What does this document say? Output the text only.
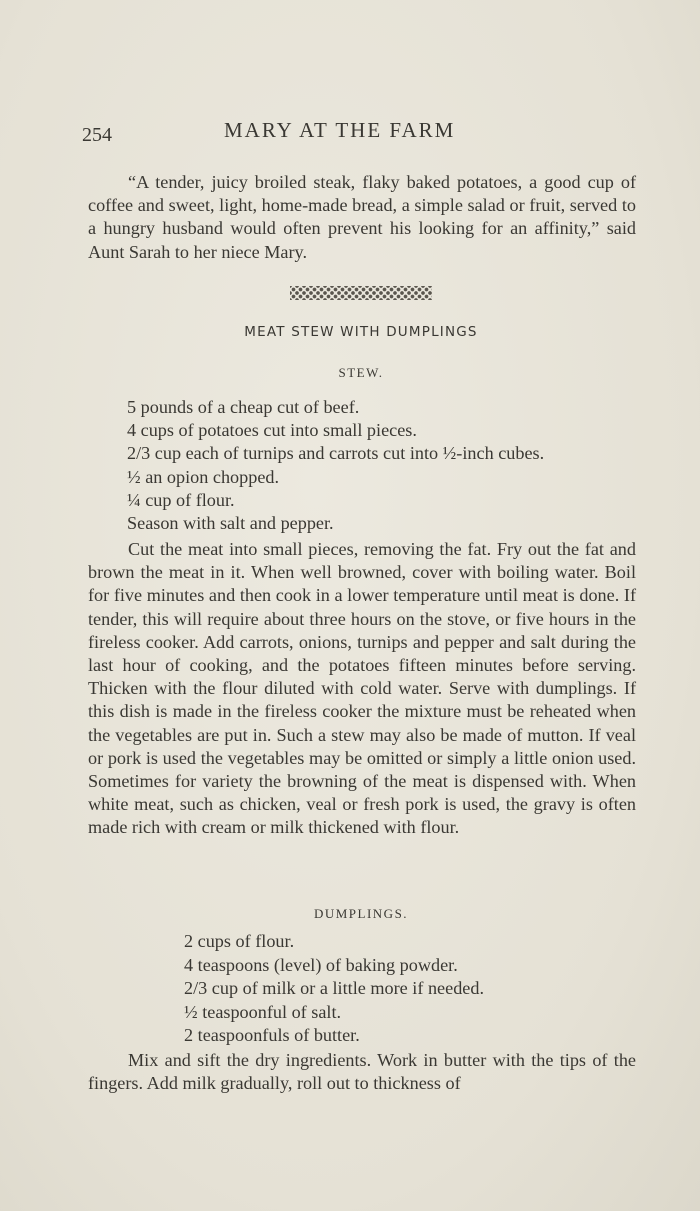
254	MARY AT THE FARM

“A tender, juicy broiled steak, flaky baked potatoes, a good cup of coffee and sweet, light, home-made bread, a simple salad or fruit, served to a hungry husband would often prevent his looking for an affinity,” said Aunt Sarah to her niece Mary.

MEAT STEW WITH DUMPLINGS
STEW.
5 pounds of a cheap cut of beef.
4 cups of potatoes cut into small pieces.
2/3 cup each of turnips and carrots cut into ½-inch cubes.
½ an opion chopped.
¼ cup of flour.
Season with salt and pepper.

Cut the meat into small pieces, removing the fat. Fry out the fat and brown the meat in it. When well browned, cover with boiling water. Boil for five minutes and then cook in a lower temperature until meat is done. If tender, this will require about three hours on the stove, or five hours in the fireless cooker. Add carrots, onions, turnips and pepper and salt during the last hour of cooking, and the potatoes fifteen minutes before serving. Thicken with the flour diluted with cold water. Serve with dumplings. If this dish is made in the fireless cooker the mixture must be reheated when the vegetables are put in. Such a stew may also be made of mutton. If veal or pork is used the vegetables may be omitted or simply a little onion used. Sometimes for variety the browning of the meat is dispensed with. When white meat, such as chicken, veal or fresh pork is used, the gravy is often made rich with cream or milk thickened with flour.

DUMPLINGS.
2 cups of flour.
4 teaspoons (level) of baking powder.
2/3 cup of milk or a little more if needed.
½ teaspoonful of salt.
2 teaspoonfuls of butter.

Mix and sift the dry ingredients. Work in butter with the tips of the fingers. Add milk gradually, roll out to thickness of
